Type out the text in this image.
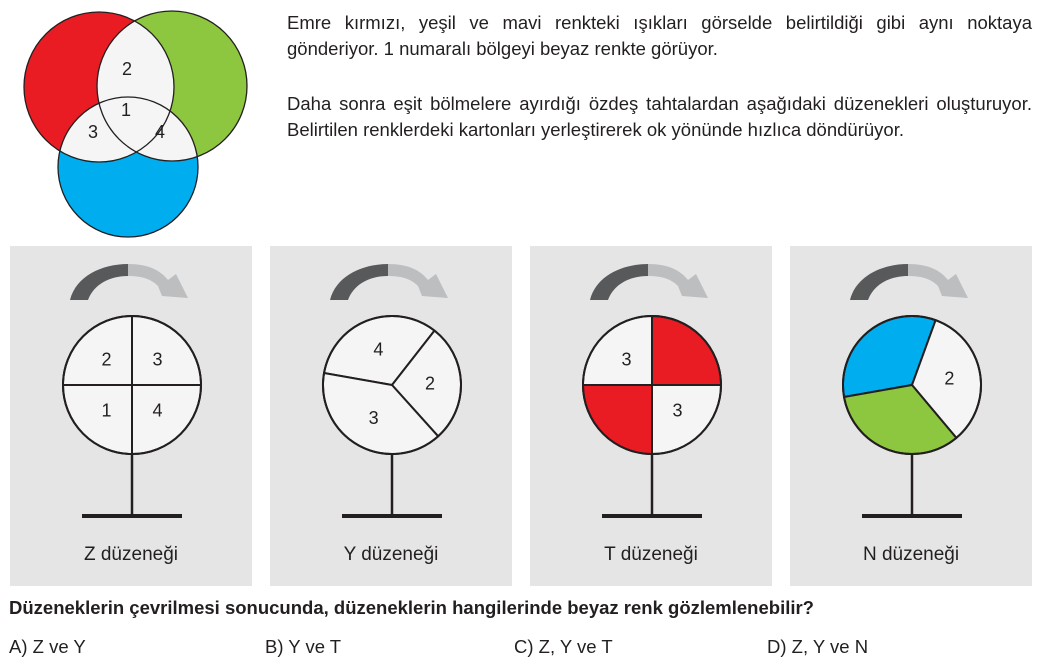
1
2
3	4

Emre kırmızı, yeşil ve mavi renkteki ışıkları görselde belirtildiği gibi aynı noktaya gönderiyor. 1 numaralı bölgeyi beyaz renkte görüyor.

Daha sonra eşit bölmelere ayırdığı özdeş tahtalardan aşağıdaki düzenekleri oluşturuyor. Belirtilen renklerdeki kartonları yerleştirerek ok yönünde hızlıca döndürüyor.

2 3
1 4
Z düzeneği
4
2
3
Y düzeneği
3
3
T düzeneği
2
N düzeneği

Düzeneklerin çevrilmesi sonucunda, düzeneklerin hangilerinde beyaz renk gözlemlenebilir?

A) Z ve Y	B) Y ve T	C) Z, Y ve T	D) Z, Y ve N
